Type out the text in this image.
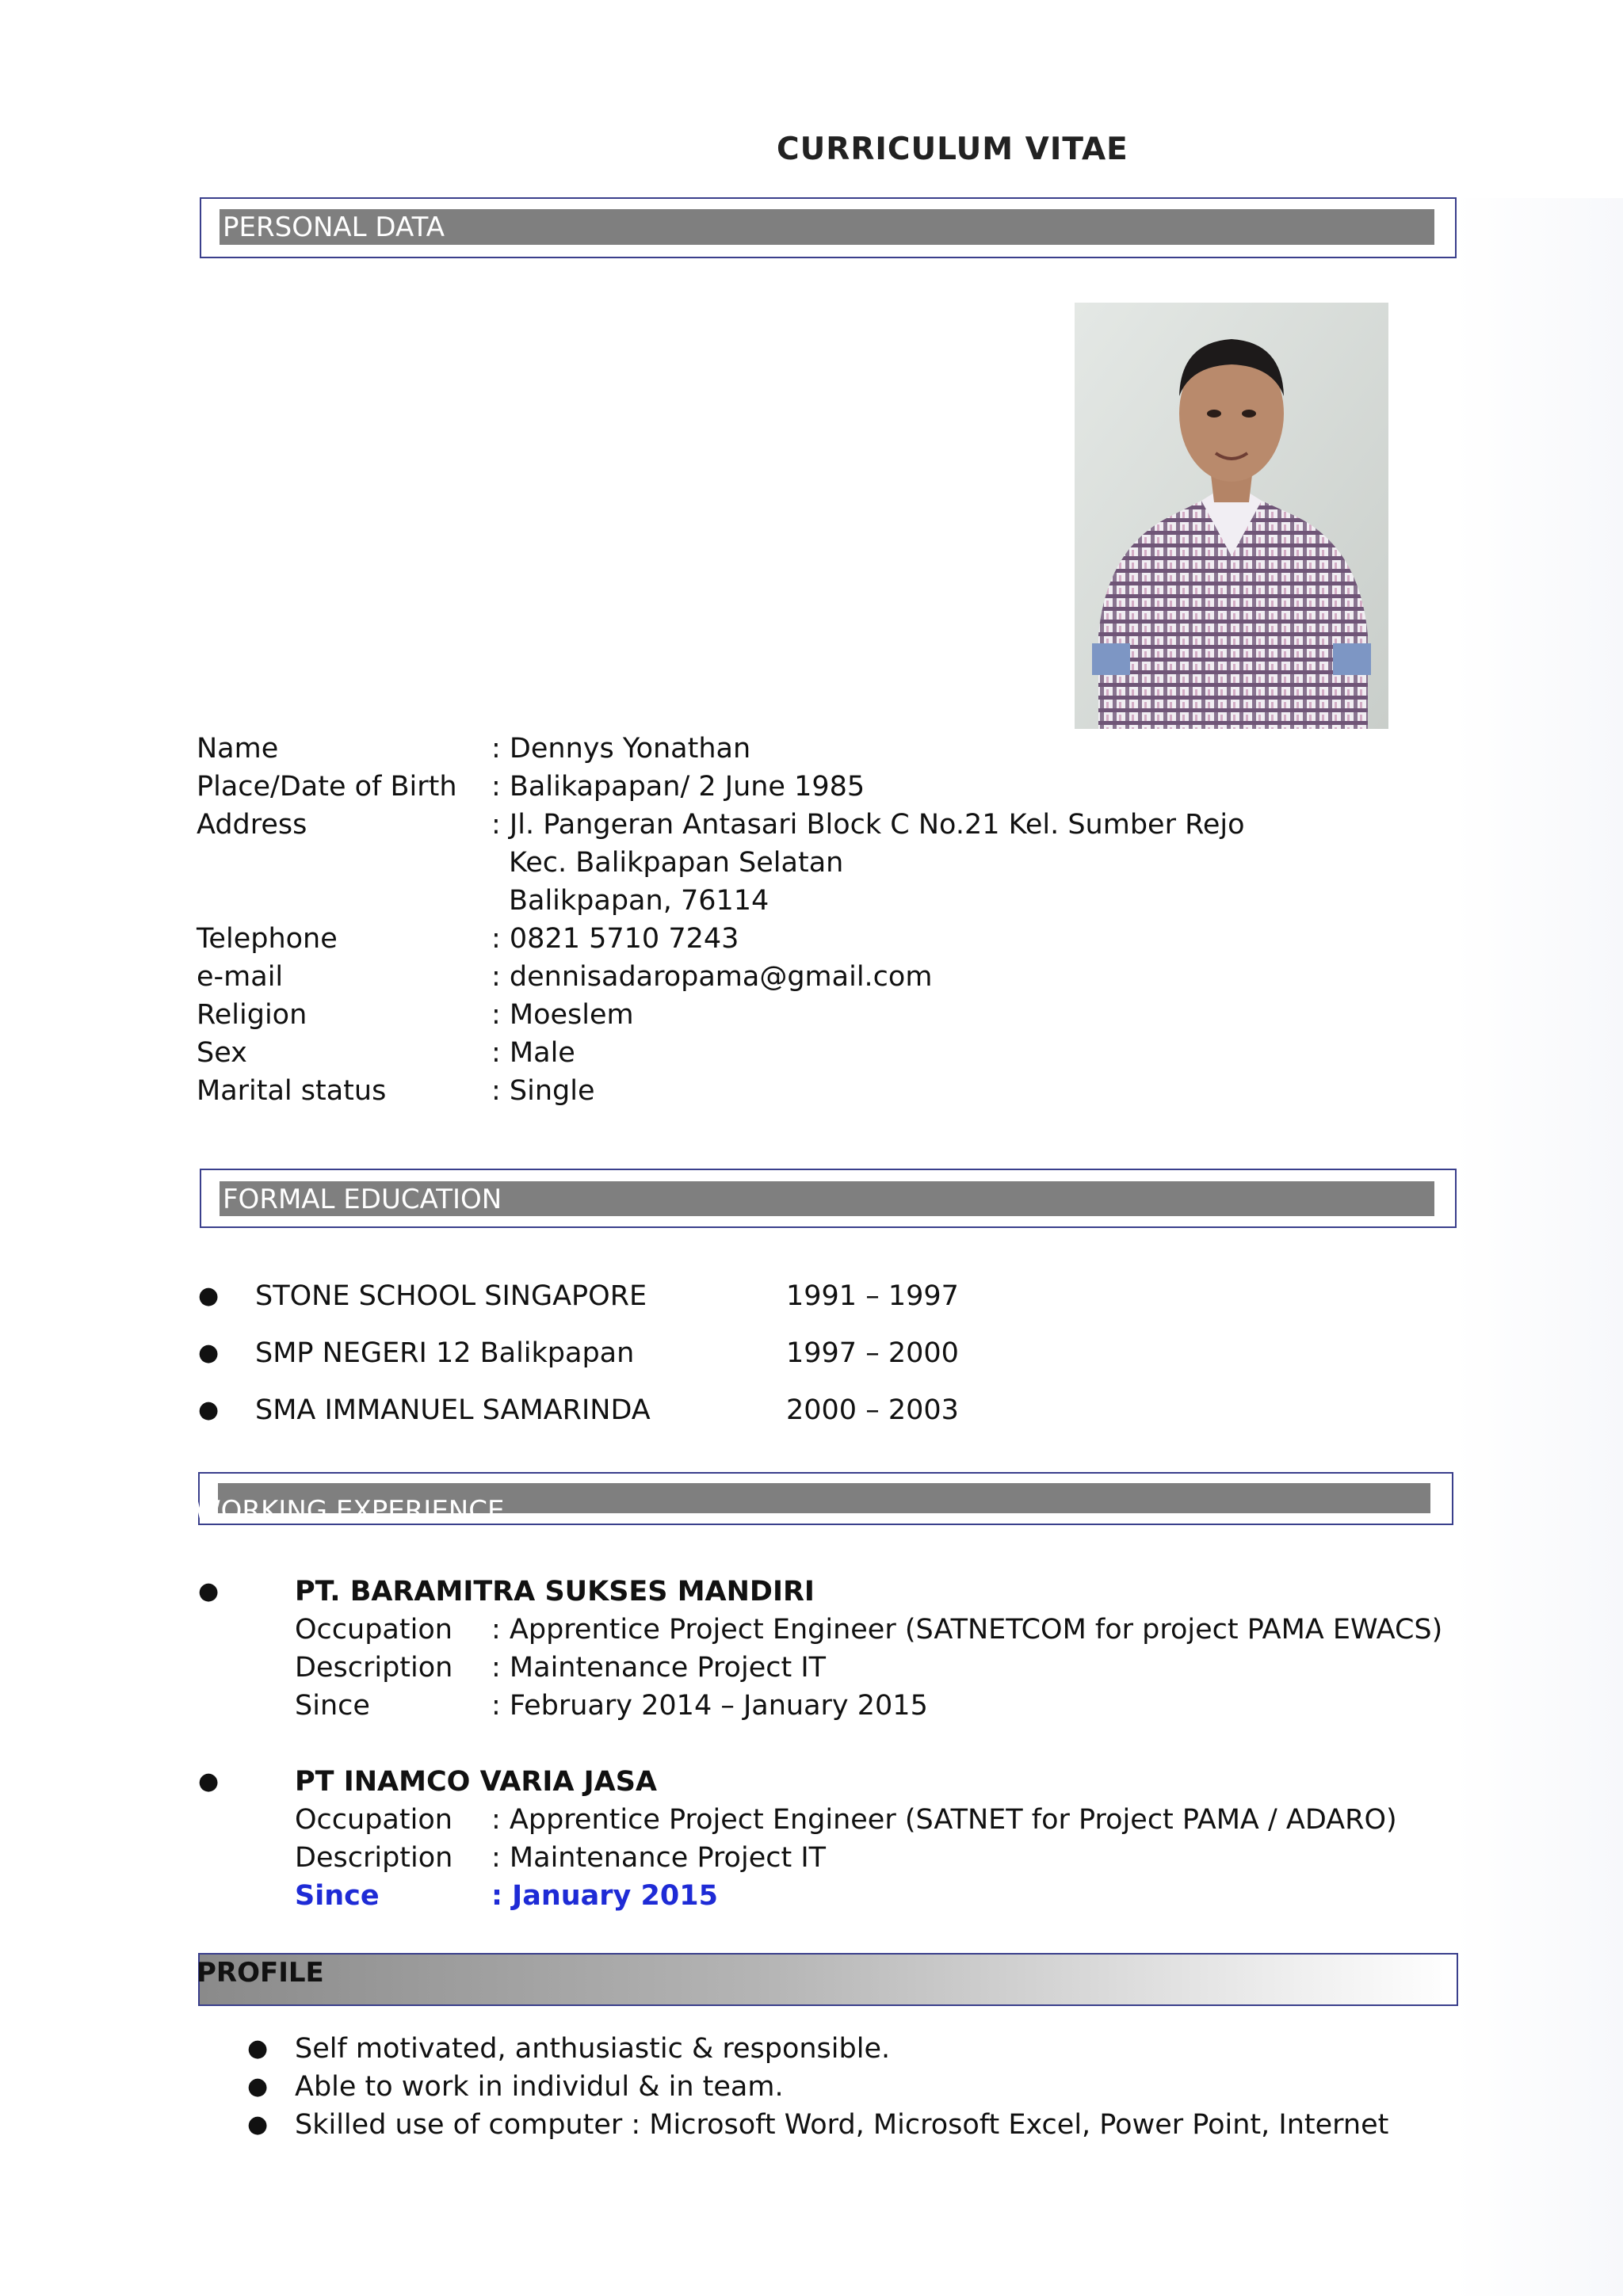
CURRICULUM VITAE

PERSONAL DATA

Name	: Dennys Yonathan
Place/Date of Birth : Balikapapan/ 2 June 1985
Address	: Jl. Pangeran Antasari Block C No.21 Kel. Sumber Rejo
Kec. Balikpapan Selatan
Balikpapan, 76114
Telephone	: 0821 5710 7243
e-mail	: dennisadaropama@gmail.com
Religion	: Moeslem
Sex	: Male
Marital status	: Single

FORMAL EDUCATION

● STONE SCHOOL SINGAPORE	1991 – 1997
● SMP NEGERI 12 Balikpapan	1997 – 2000
● SMA IMMANUEL SAMARINDA	2000 – 2003

WORKING EXPERIENCE

●	PT. BARAMITRA SUKSES MANDIRI
Occupation : Apprentice Project Engineer (SATNETCOM for project PAMA EWACS)
Description : Maintenance Project IT
Since	: February 2014 – January 2015
●	PT INAMCO VARIA JASA
Occupation : Apprentice Project Engineer (SATNET for Project PAMA / ADARO)
Description : Maintenance Project IT
Since	: January 2015

PROFILE

● Self motivated, anthusiastic & responsible.
● Able to work in individul & in team.
● Skilled use of computer : Microsoft Word, Microsoft Excel, Power Point, Internet
